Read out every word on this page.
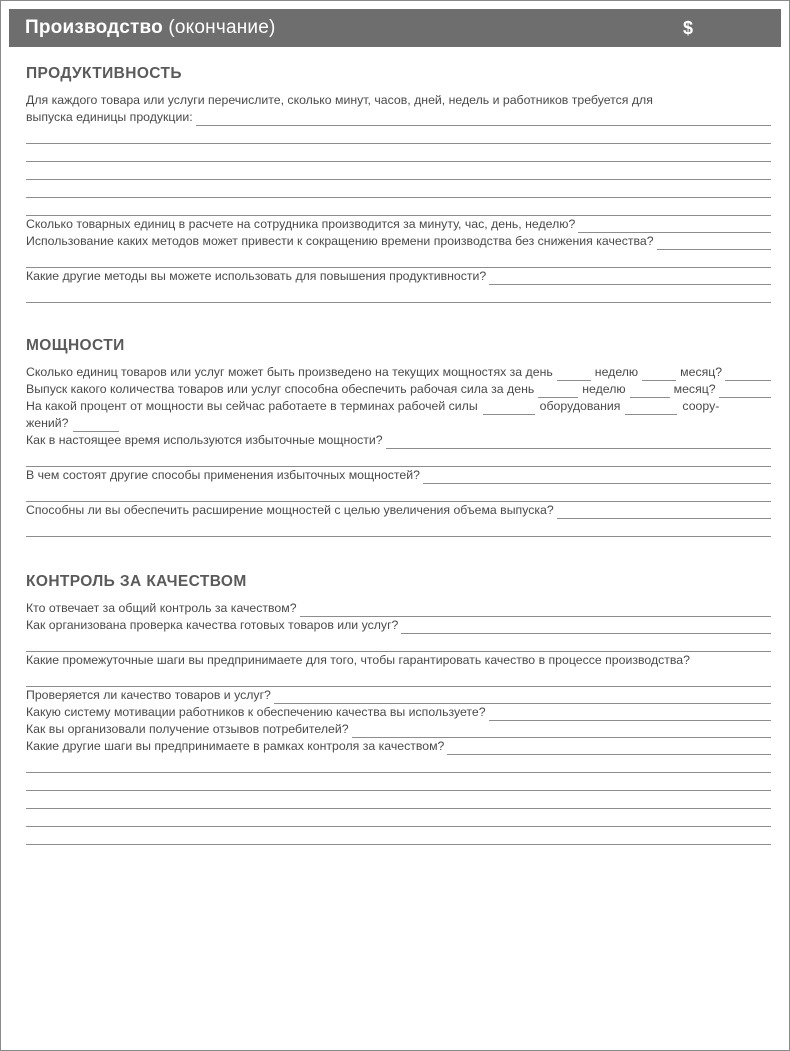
Производство (окончание)	$
ПРОДУКТИВНОСТЬ
Для каждого товара или услуги перечислите, сколько минут, часов, дней, недель и работников требуется для
выпуска единицы продукции:
Сколько товарных единиц в расчете на сотрудника производится за минуту, час, день, неделю?
Использование каких методов может привести к сокращению времени производства без снижения качества?
Какие другие методы вы можете использовать для повышения продуктивности?
МОЩНОСТИ
Сколько единиц товаров или услуг может быть произведено на текущих мощностях за день	неделю	месяц?
Выпуск какого количества товаров или услуг способна обеспечить рабочая сила за день	неделю	месяц?
На какой процент от мощности вы сейчас работаете в терминах рабочей силы	оборудования	соору-
жений?
Как в настоящее время используются избыточные мощности?
В чем состоят другие способы применения избыточных мощностей?
Способны ли вы обеспечить расширение мощностей с целью увеличения объема выпуска?
КОНТРОЛЬ ЗА КАЧЕСТВОМ
Кто отвечает за общий контроль за качеством?
Как организована проверка качества готовых товаров или услуг?
Какие промежуточные шаги вы предпринимаете для того, чтобы гарантировать качество в процессе производства?
Проверяется ли качество товаров и услуг?
Какую систему мотивации работников к обеспечению качества вы используете?
Как вы организовали получение отзывов потребителей?
Какие другие шаги вы предпринимаете в рамках контроля за качеством?
